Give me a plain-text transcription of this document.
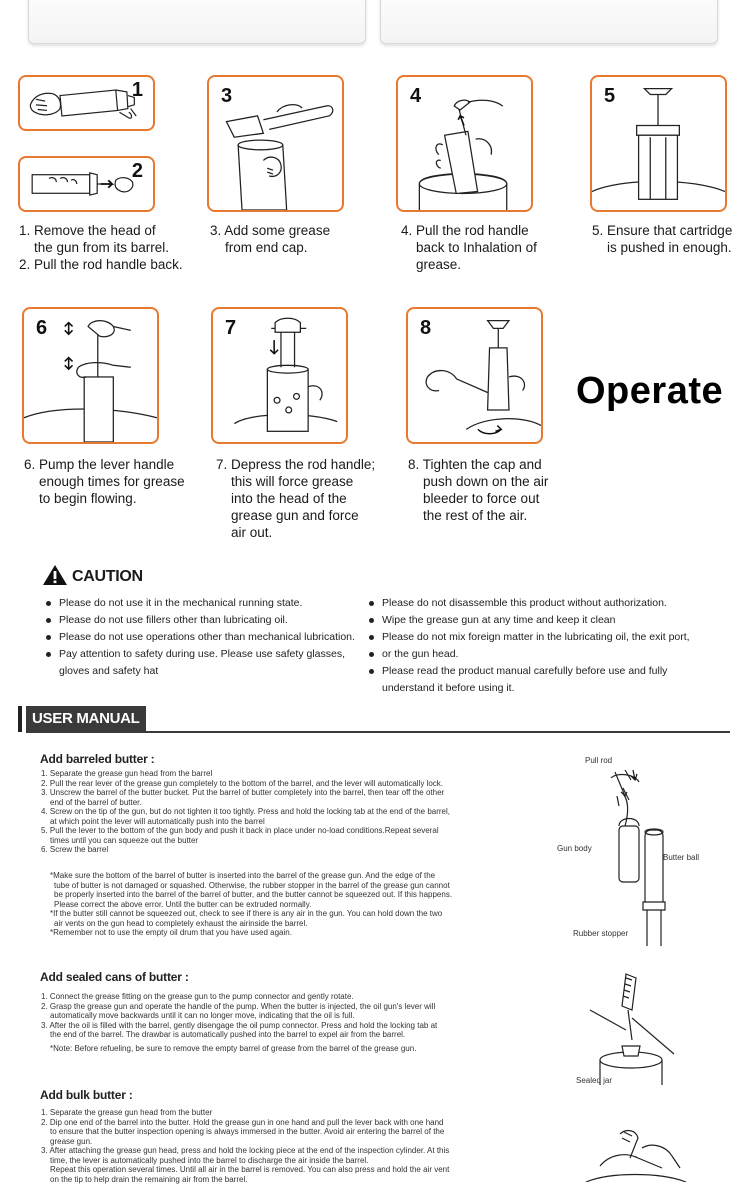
1
2
1. Remove the head of
the gun from its barrel.
2. Pull the rod handle back.
3
3. Add some grease
from end cap.
4
4. Pull the rod handle
back to Inhalation of
grease.
5
5. Ensure that cartridge
is pushed in enough.
6
6. Pump the lever handle
enough times for grease
to begin flowing.
7
7. Depress the rod handle;
this will force grease
into the head of the
grease gun and force
air out.
8
8. Tighten the cap and
push down on the air
bleeder to force out
the rest of the air.
Operate
CAUTION
Please do not use it in the mechanical running state.
Please do not use fillers other than lubricating oil.
Please do not use operations other than mechanical lubrication.
Pay attention to safety during use. Please use safety glasses,
gloves and safety hat
Please do not disassemble this product without authorization.
Wipe the grease gun at any time and keep it clean
Please do not mix foreign matter in the lubricating oil, the exit port,
or the gun head.
Please read the product manual carefully before use and fully
understand it before using it.
USER MANUAL
Add barreled butter :
1. Separate the grease gun head from the barrel
2. Pull the rear lever of the grease gun completely to the bottom of the barrel, and the lever will automatically lock.
3. Unscrew the barrel of the butter bucket. Put the barrel of butter completely into the barrel, then tear off the other
end of the barrel of butter.
4. Screw on the tip of the gun, but do not tighten it too tightly. Press and hold the locking tab at the end of the barrel,
at which point the lever will automatically push into the barrel
5. Pull the lever to the bottom of the gun body and push it back in place under no-load conditions.Repeat several
times until you can squeeze out the butter
6. Screw the barrel
*Make sure the bottom of the barrel of butter is inserted into the barrel of the grease gun. And the edge of the
tube of butter is not damaged or squashed. Otherwise, the rubber stopper in the barrel of the grease gun cannot
be properly inserted into the barrel of the barrel of butter, and the butter cannot be squeezed out. If this happens.
Please correct the above error. Until the butter can be extruded normally.
*If the butter still cannot be squeezed out, check to see if there is any air in the gun. You can hold down the two
air vents on the gun head to completely exhaust the airinside the barrel.
*Remember not to use the empty oil drum that you have used again.
Pull rod
Gun body
Butter ball
Rubber stopper
Add sealed cans of butter :
1. Connect the grease fitting on the grease gun to the pump connector and gently rotate.
2. Grasp the grease gun and operate the handle of the pump. When the butter is injected, the oil gun's lever will
automatically move backwards until it can no longer move, indicating that the oil is full.
3. After the oil is filled with the barrel, gently disengage the oil pump connector. Press and hold the locking tab at
the end of the barrel. The drawbar is automatically pushed into the barrel to expel air from the barrel.
*Note: Before refueling, be sure to remove the empty barrel of grease from the barrel of the grease gun.
Sealed jar
Add bulk butter :
1. Separate the grease gun head from the butter
2. Dip one end of the barrel into the butter. Hold the grease gun in one hand and pull the lever back with one hand
to ensure that the butter inspection opening is always immersed in the butter. Avoid air entering the barrel of the
grease gun.
3. After attaching the grease gun head, press and hold the locking piece at the end of the inspection cylinder. At this
time, the lever is automatically pushed into the barrel to discharge the air inside the barrel.
Repeat this operation several times. Until all air in the barrel is removed. You can also press and hold the air vent
on the tip to help drain the remaining air from the barrel.
